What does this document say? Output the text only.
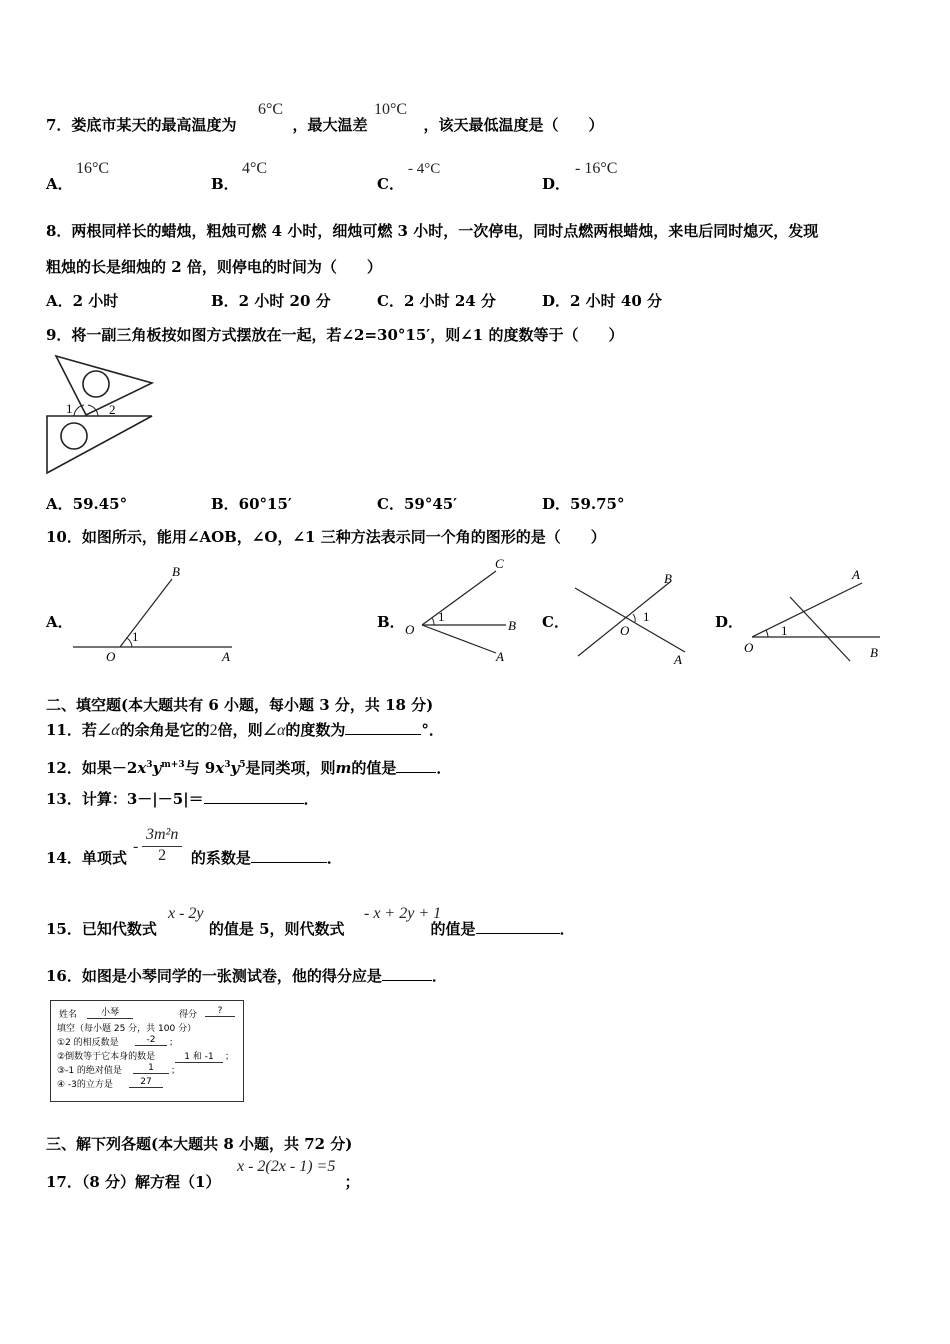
7．娄底市某天的最高温度为	，最大温差	，该天最低温度是（　　）
6°C	10°C
A．
16°C
B．
4°C
C．
- 4°C
D．
- 16°C
8．两根同样长的蜡烛，粗烛可燃 4 小时，细烛可燃 3 小时，一次停电，同时点燃两根蜡烛，来电后同时熄灭，发现
粗烛的长是细烛的 2 倍，则停电的时间为（　　）
A．2 小时	B．2 小时 20 分	C．2 小时 24 分	D．2 小时 40 分
9．将一副三角板按如图方式摆放在一起，若∠2=30°15′，则∠1 的度数等于（　　）
1	2
A．59.45°	B．60°15′	C．59°45′	D．59.75°
10．如图所示，能用∠AOB，∠O，∠1 三种方法表示同一个角的图形的是（　　）
A．
B
1
O	A
B．
C
1
O	B
A
C．
B
1
O
A
D．
A
1
O	B
二、填空题(本大题共有 6 小题，每小题 3 分，共 18 分)
11．若∠α的余角是它的2倍，则∠α的度数为	°．
12．如果$-2x^3y^{m+3}$与 $9x^3y^5$是同类项，则m的值是	．
13．计算：3－|－5|＝	．
14．单项式	的系数是	．
- $\frac{\text{3m²n}}{2}$
15．已知代数式	的值是 5，则代数式	的值是	．
x - 2y	- x + 2y + 1
16．如图是小琴同学的一张测试卷，他的得分应是	．
姓名	小琴	得分	?
填空（每小题 25 分，共 100 分）
①2 的相反数是	-2	；
②倒数等于它本身的数是	1 和 -1	；
③-1 的绝对值是	1	；
④ -3的立方是	27
三、解下列各题(本大题共 8 小题，共 72 分)
17．（8 分）解方程（1）	；
x - 2(2x - 1) =5
